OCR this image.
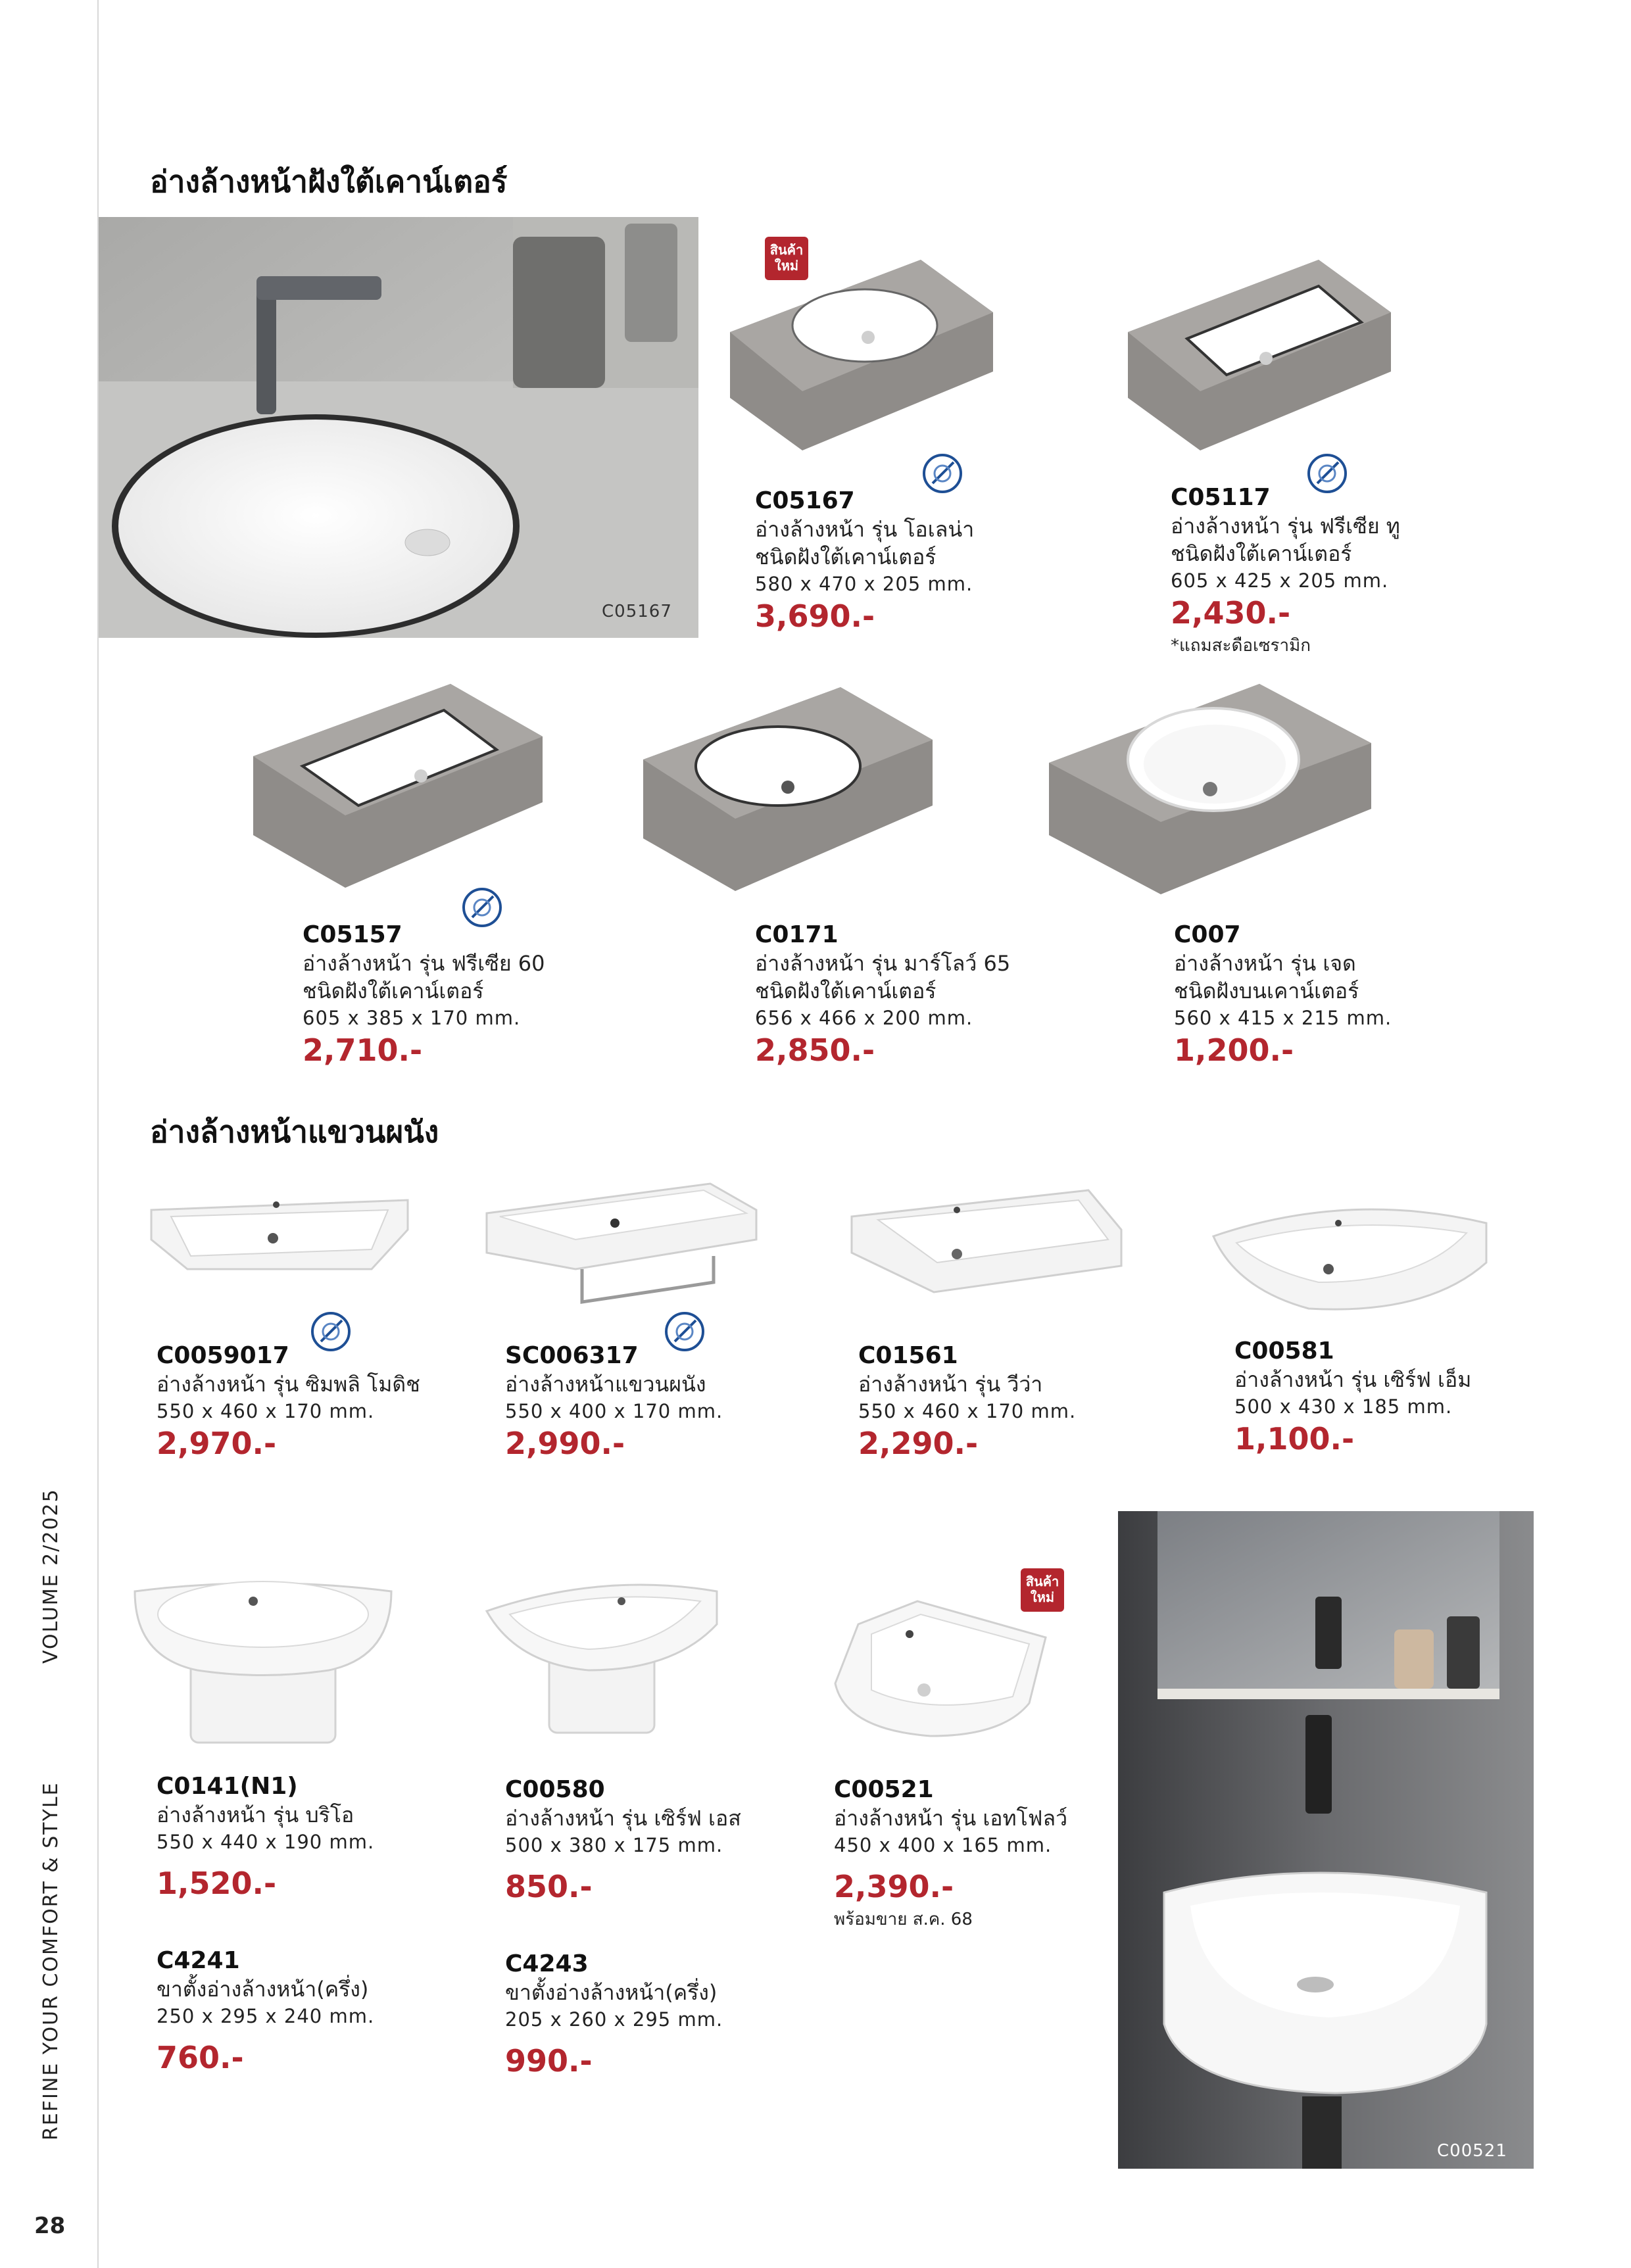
VOLUME 2/2025
REFINE YOUR COMFORT & STYLE
28
อ่างล้างหน้าฝังใต้เคาน์เตอร์
C05167
สินค้า
ใหม่
C05167
อ่างล้างหน้า รุ่น โอเลน่า
ชนิดฝังใต้เคาน์เตอร์
580 x 470 x 205 mm.
3,690.-
C05117
อ่างล้างหน้า รุ่น ฟรีเซีย ทู
ชนิดฝังใต้เคาน์เตอร์
605 x 425 x 205 mm.
2,430.-
*แถมสะดือเซรามิก
C05157
อ่างล้างหน้า รุ่น ฟรีเซีย 60
ชนิดฝังใต้เคาน์เตอร์
605 x 385 x 170 mm.
2,710.-
C0171
อ่างล้างหน้า รุ่น มาร์โลว์ 65
ชนิดฝังใต้เคาน์เตอร์
656 x 466 x 200 mm.
2,850.-
C007
อ่างล้างหน้า รุ่น เจด
ชนิดฝังบนเคาน์เตอร์
560 x 415 x 215 mm.
1,200.-
อ่างล้างหน้าแขวนผนัง
C0059017
อ่างล้างหน้า รุ่น ซิมพลิ โมดิช
550 x 460 x 170 mm.
2,970.-
SC006317
อ่างล้างหน้าแขวนผนัง
550 x 400 x 170 mm.
2,990.-
C01561
อ่างล้างหน้า รุ่น วีว่า
550 x 460 x 170 mm.
2,290.-
C00581
อ่างล้างหน้า รุ่น เซิร์ฟ เอ็ม
500 x 430 x 185 mm.
1,100.-
สินค้า
ใหม่
C0141(N1)
อ่างล้างหน้า รุ่น บริโอ
550 x 440 x 190 mm.
1,520.-
C00580
อ่างล้างหน้า รุ่น เซิร์ฟ เอส
500 x 380 x 175 mm.
850.-
C00521
อ่างล้างหน้า รุ่น เอทโฟลว์
450 x 400 x 165 mm.
2,390.-
พร้อมขาย ส.ค. 68
C4241
ขาตั้งอ่างล้างหน้า(ครึ่ง)
250 x 295 x 240 mm.
760.-
C4243
ขาตั้งอ่างล้างหน้า(ครึ่ง)
205 x 260 x 295 mm.
990.-
C00521
